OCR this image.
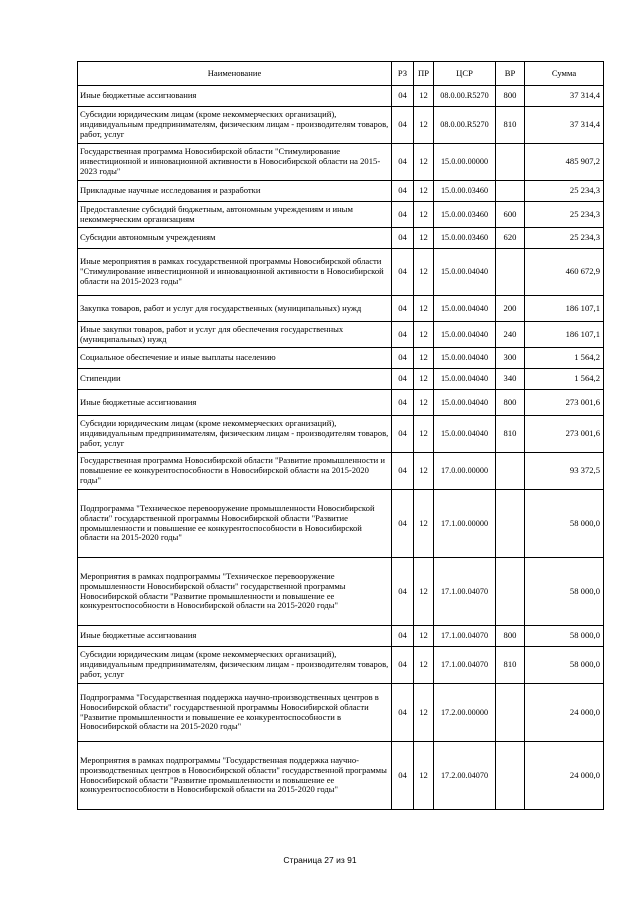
Наименование	РЗ	ПР	ЦСР	ВР	Сумма
Иные бюджетные ассигнования	04	12	08.0.00.R5270	800	37 314,4
Субсидии юридическим лицам (кроме некоммерческих организаций), индивидуальным предпринимателям, физическим лицам - производителям товаров, работ, услуг	04	12	08.0.00.R5270	810	37 314,4
Государственная программа Новосибирской области "Стимулирование инвестиционной и инновационной активности в Новосибирской области на 2015-2023 годы"	04	12	15.0.00.00000		485 907,2
Прикладные научные исследования и разработки	04	12	15.0.00.03460		25 234,3
Предоставление субсидий бюджетным, автономным учреждениям и иным некоммерческим организациям	04	12	15.0.00.03460	600	25 234,3
Субсидии автономным учреждениям	04	12	15.0.00.03460	620	25 234,3
Иные мероприятия в рамках государственной программы Новосибирской области "Стимулирование инвестиционной и инновационной активности в Новосибирской области на 2015-2023 годы"	04	12	15.0.00.04040		460 672,9
Закупка товаров, работ и услуг для государственных (муниципальных) нужд	04	12	15.0.00.04040	200	186 107,1
Иные закупки товаров, работ и услуг для обеспечения государственных (муниципальных) нужд	04	12	15.0.00.04040	240	186 107,1
Социальное обеспечение и иные выплаты населению	04	12	15.0.00.04040	300	1 564,2
Стипендии	04	12	15.0.00.04040	340	1 564,2
Иные бюджетные ассигнования	04	12	15.0.00.04040	800	273 001,6
Субсидии юридическим лицам (кроме некоммерческих организаций), индивидуальным предпринимателям, физическим лицам - производителям товаров, работ, услуг	04	12	15.0.00.04040	810	273 001,6
Государственная программа Новосибирской области "Развитие промышленности и повышение ее конкурентоспособности в Новосибирской области на 2015-2020 годы"	04	12	17.0.00.00000		93 372,5
Подпрограмма "Техническое перевооружение промышленности Новосибирской области" государственной программы Новосибирской области "Развитие промышленности и повышение ее конкурентоспособности в Новосибирской области на 2015-2020 годы"	04	12	17.1.00.00000		58 000,0
Мероприятия в рамках подпрограммы "Техническое перевооружение промышленности Новосибирской области" государственной программы Новосибирской области "Развитие промышленности и повышение ее конкурентоспособности в Новосибирской области на 2015-2020 годы"	04	12	17.1.00.04070		58 000,0
Иные бюджетные ассигнования	04	12	17.1.00.04070	800	58 000,0
Субсидии юридическим лицам (кроме некоммерческих организаций), индивидуальным предпринимателям, физическим лицам - производителям товаров, работ, услуг	04	12	17.1.00.04070	810	58 000,0
Подпрограмма "Государственная поддержка научно-производственных центров в Новосибирской области" государственной программы Новосибирской области "Развитие промышленности и повышение ее конкурентоспособности в Новосибирской области на 2015-2020 годы"	04	12	17.2.00.00000		24 000,0
Мероприятия в рамках подпрограммы "Государственная поддержка научно-производственных центров в Новосибирской области" государственной программы Новосибирской области "Развитие промышленности и повышение ее конкурентоспособности в Новосибирской области на 2015-2020 годы"	04	12	17.2.00.04070		24 000,0
Страница 27 из 91
